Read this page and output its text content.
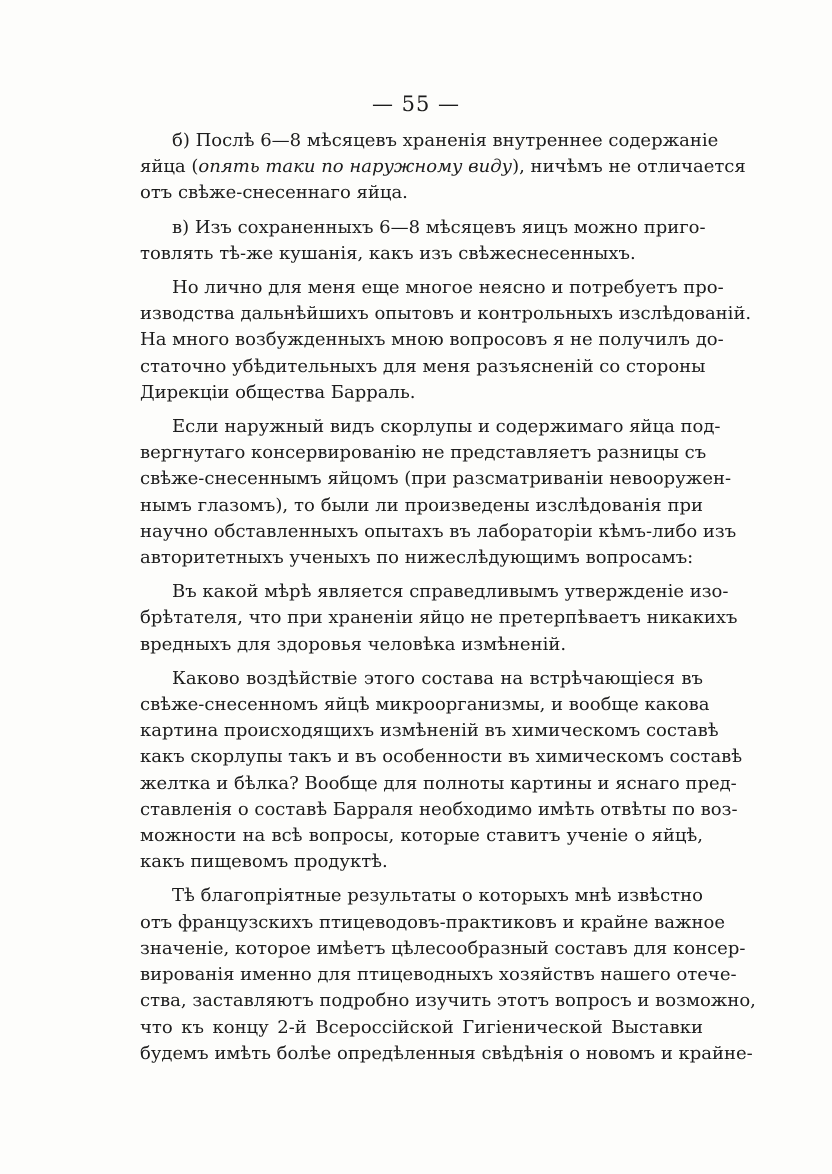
— 55 —

б) Послѣ 6—8 мѣсяцевъ храненія внутреннее содержаніе
яйца (опять таки по наружному виду), ничѣмъ не отличается
отъ свѣже-снесеннаго яйца.

в) Изъ сохраненныхъ 6—8 мѣсяцевъ яицъ можно приго-
товлять тѣ-же кушанія, какъ изъ свѣжеснесенныхъ.

Но лично для меня еще многое неясно и потребуетъ про-
изводства дальнѣйшихъ опытовъ и контрольныхъ изслѣдованій.
На много возбужденныхъ мною вопросовъ я не получилъ до-
статочно убѣдительныхъ для меня разъясненій со стороны
Дирекціи общества Барраль.

Если наружный видъ скорлупы и содержимаго яйца под-
вергнутаго консервированію не представляетъ разницы съ
свѣже-снесеннымъ яйцомъ (при разсматриваніи невооружен-
нымъ глазомъ), то были ли произведены изслѣдованія при
научно обставленныхъ опытахъ въ лабораторіи кѣмъ-либо изъ
авторитетныхъ ученыхъ по нижеслѣдующимъ вопросамъ:

Въ какой мѣрѣ является справедливымъ утвержденіе изо-
брѣтателя, что при храненіи яйцо не претерпѣваетъ никакихъ
вредныхъ для здоровья человѣка измѣненій.

Каково воздѣйствіе этого состава на встрѣчающіеся въ
свѣже-снесенномъ яйцѣ микроорганизмы, и вообще какова
картина происходящихъ измѣненій въ химическомъ составѣ
какъ скорлупы такъ и въ особенности въ химическомъ составѣ
желтка и бѣлка? Вообще для полноты картины и яснаго пред-
ставленія о составѣ Барраля необходимо имѣть отвѣты по воз-
можности на всѣ вопросы, которые ставитъ ученіе о яйцѣ,
какъ пищевомъ продуктѣ.

Тѣ благопріятные результаты о которыхъ мнѣ извѣстно
отъ французскихъ птицеводовъ-практиковъ и крайне важное
значеніе, которое имѣетъ цѣлесообразный составъ для консер-
вированія именно для птицеводныхъ хозяйствъ нашего отече-
ства, заставляютъ подробно изучить этотъ вопросъ и возможно,
что къ концу 2-й Всероссійской Гигіенической Выставки
будемъ имѣть болѣе опредѣленныя свѣдѣнія о новомъ и крайне-
